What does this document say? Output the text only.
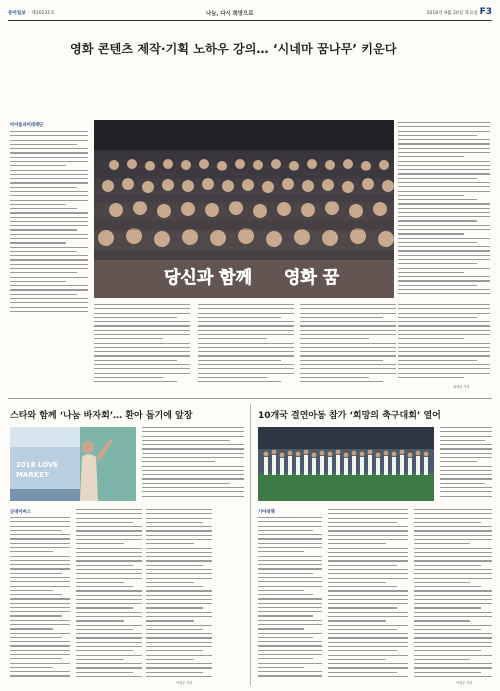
동아일보 제30231호	나눔, 다시 희망으로	2018년 9월 20일 목요일 F3
영화 콘텐츠 제작·기획 노하우 강의… ‘시네마 꿈나무’ 키운다
아이들과미래재단
당신과 함께 영화 꿈
최예진 기자
스타와 함께 ‘나눔 바자회’… 환아 돕기에 앞장
2018 LOVE
MARKET
굿네이버스
이정우 기자
10개국 결연아동 참가 ‘희망의 축구대회’ 열어
기아대책
이정우 기자
